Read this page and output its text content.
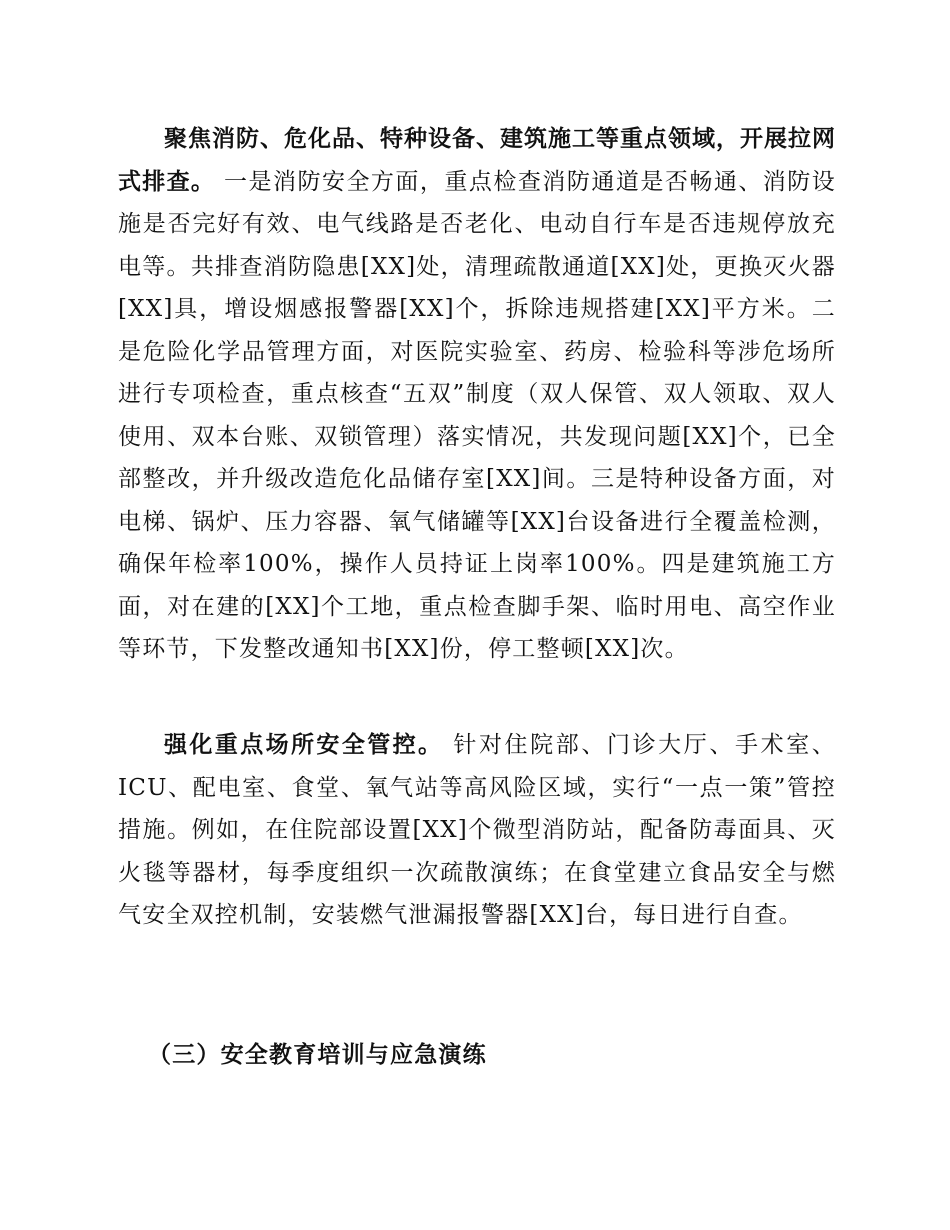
聚焦消防、危化品、特种设备、建筑施工等重点领域，开展拉网式排查。 一是消防安全方面，重点检查消防通道是否畅通、消防设施是否完好有效、电气线路是否老化、电动自行车是否违规停放充电等。共排查消防隐患[XX]处，清理疏散通道[XX]处，更换灭火器[XX]具，增设烟感报警器[XX]个，拆除违规搭建[XX]平方米。二是危险化学品管理方面，对医院实验室、药房、检验科等涉危场所进行专项检查，重点核查“五双”制度（双人保管、双人领取、双人使用、双本台账、双锁管理）落实情况，共发现问题[XX]个，已全部整改，并升级改造危化品储存室[XX]间。三是特种设备方面，对电梯、锅炉、压力容器、氧气储罐等[XX]台设备进行全覆盖检测，确保年检率100%，操作人员持证上岗率100%。四是建筑施工方面，对在建的[XX]个工地，重点检查脚手架、临时用电、高空作业等环节，下发整改通知书[XX]份，停工整顿[XX]次。

强化重点场所安全管控。 针对住院部、门诊大厅、手术室、ICU、配电室、食堂、氧气站等高风险区域，实行“一点一策”管控措施。例如，在住院部设置[XX]个微型消防站，配备防毒面具、灭火毯等器材，每季度组织一次疏散演练；在食堂建立食品安全与燃气安全双控机制，安装燃气泄漏报警器[XX]台，每日进行自查。

（三）安全教育培训与应急演练
